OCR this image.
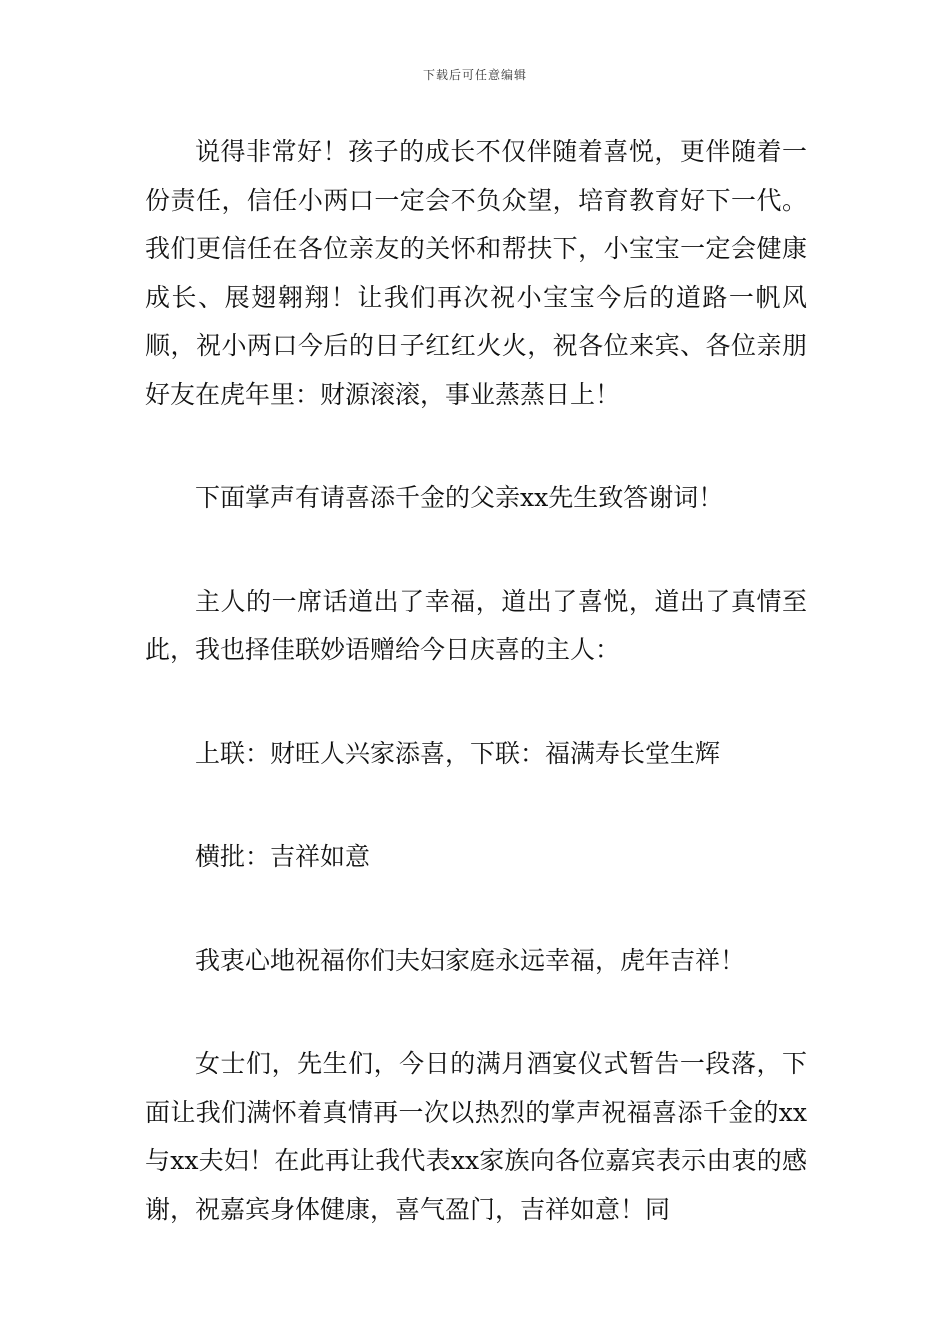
下载后可任意编辑

说得非常好！孩子的成长不仅伴随着喜悦，更伴随着一份责任，信任小两口一定会不负众望，培育教育好下一代。我们更信任在各位亲友的关怀和帮扶下，小宝宝一定会健康成长、展翅翱翔！让我们再次祝小宝宝今后的道路一帆风顺，祝小两口今后的日子红红火火，祝各位来宾、各位亲朋好友在虎年里：财源滚滚，事业蒸蒸日上！

下面掌声有请喜添千金的父亲xx先生致答谢词！

主人的一席话道出了幸福，道出了喜悦，道出了真情至此，我也择佳联妙语赠给今日庆喜的主人：

上联：财旺人兴家添喜，下联：福满寿长堂生辉

横批：吉祥如意

我衷心地祝福你们夫妇家庭永远幸福，虎年吉祥！

女士们，先生们，今日的满月酒宴仪式暂告一段落，下面让我们满怀着真情再一次以热烈的掌声祝福喜添千金的xx与xx夫妇！在此再让我代表xx家族向各位嘉宾表示由衷的感谢，祝嘉宾身体健康，喜气盈门，吉祥如意！同
